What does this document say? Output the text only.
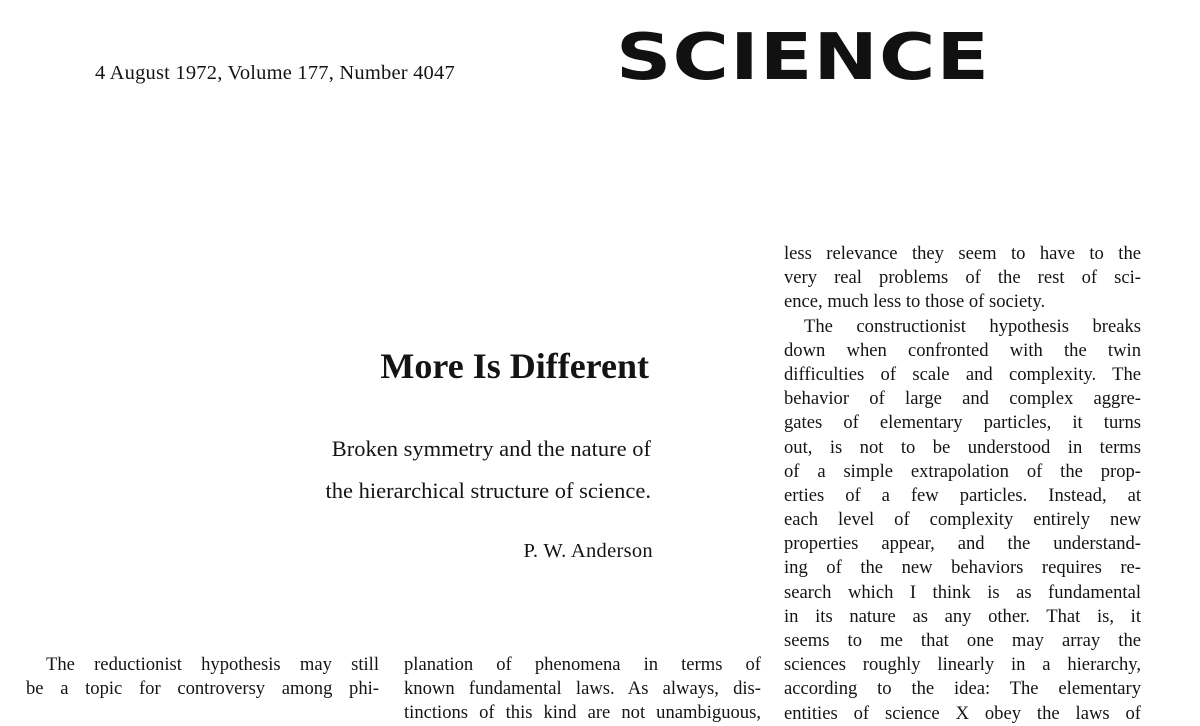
4 August 1972, Volume 177, Number 4047	SCIENCE
More Is Different
Broken symmetry and the nature of
the hierarchical structure of science.
P. W. Anderson
The reductionist hypothesis may still
be a topic for controversy among phi-
planation of phenomena in terms of
known fundamental laws. As always, dis-
tinctions of this kind are not unambiguous,
less relevance they seem to have to the
very real problems of the rest of sci-
ence, much less to those of society.
The constructionist hypothesis breaks
down when confronted with the twin
difficulties of scale and complexity. The
behavior of large and complex aggre-
gates of elementary particles, it turns
out, is not to be understood in terms
of a simple extrapolation of the prop-
erties of a few particles. Instead, at
each level of complexity entirely new
properties appear, and the understand-
ing of the new behaviors requires re-
search which I think is as fundamental
in its nature as any other. That is, it
seems to me that one may array the
sciences roughly linearly in a hierarchy,
according to the idea: The elementary
entities of science X obey the laws of
